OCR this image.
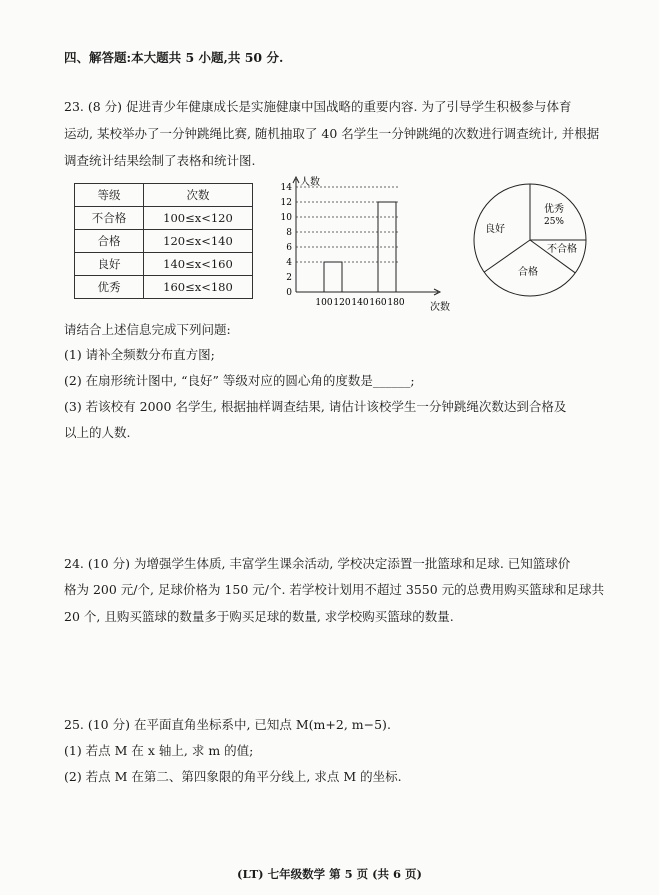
四、解答题:本大题共 5 小题,共 50 分.
23. (8 分) 促进青少年健康成长是实施健康中国战略的重要内容. 为了引导学生积极参与体育
运动, 某校举办了一分钟跳绳比赛, 随机抽取了 40 名学生一分钟跳绳的次数进行调查统计, 并根据
调查统计结果绘制了表格和统计图.
等级	次数
不合格	100≤x<120
合格	120≤x<140
良好	140≤x<160
优秀	160≤x<180
人数
次数
0
2
4
6
8
10
12
14
100 120 140 160 180
优秀
25%
不合格
合格
良好
请结合上述信息完成下列问题:
(1) 请补全频数分布直方图;
(2) 在扇形统计图中, “良好” 等级对应的圆心角的度数是______;
(3) 若该校有 2000 名学生, 根据抽样调查结果, 请估计该校学生一分钟跳绳次数达到合格及
以上的人数.
24. (10 分) 为增强学生体质, 丰富学生课余活动, 学校决定添置一批篮球和足球. 已知篮球价
格为 200 元/个, 足球价格为 150 元/个. 若学校计划用不超过 3550 元的总费用购买篮球和足球共
20 个, 且购买篮球的数量多于购买足球的数量, 求学校购买篮球的数量.
25. (10 分) 在平面直角坐标系中, 已知点 M(m+2, m−5).
(1) 若点 M 在 x 轴上, 求 m 的值;
(2) 若点 M 在第二、第四象限的角平分线上, 求点 M 的坐标.
(LT) 七年级数学 第 5 页 (共 6 页)
